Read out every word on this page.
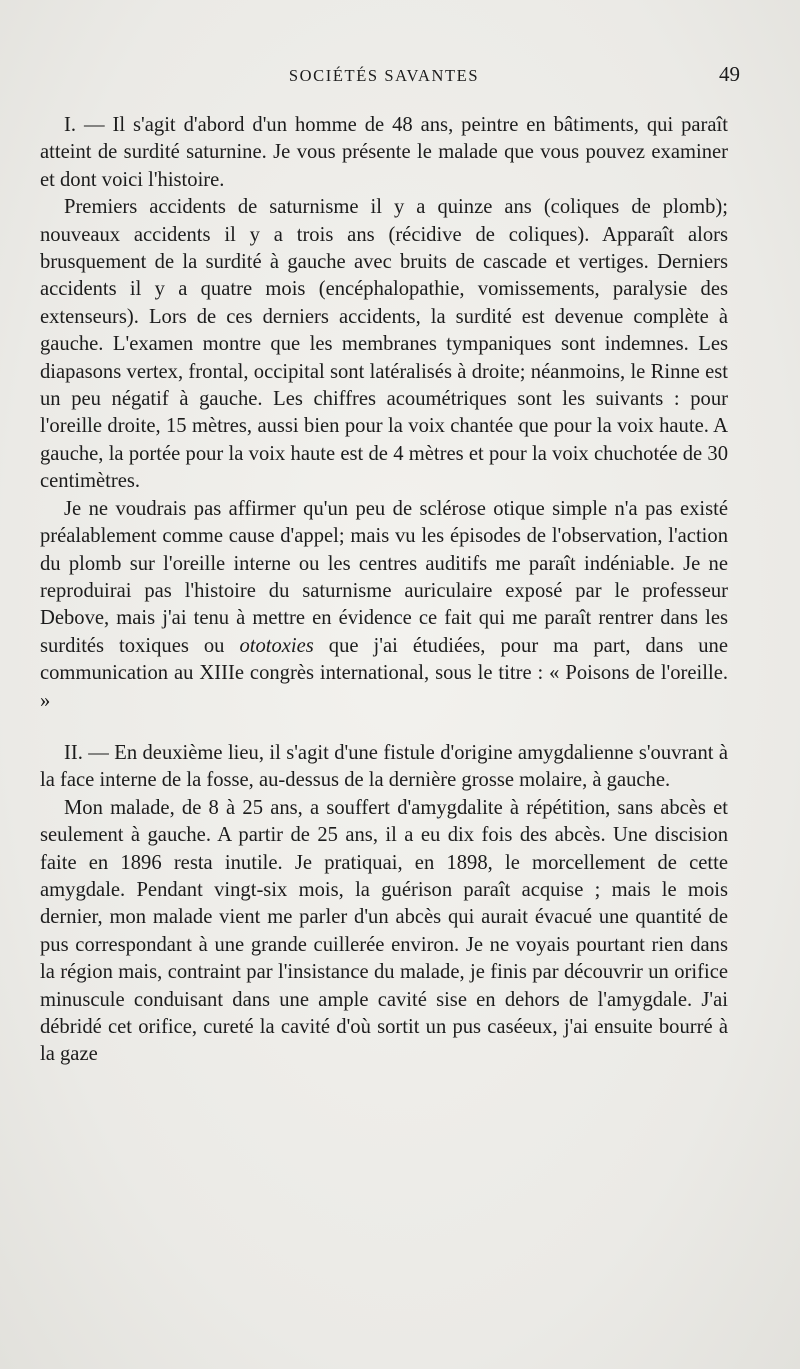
SOCIÉTÉS SAVANTES	49

I. — Il s'agit d'abord d'un homme de 48 ans, peintre en bâtiments, qui paraît atteint de surdité saturnine. Je vous présente le malade que vous pouvez examiner et dont voici l'histoire.

Premiers accidents de saturnisme il y a quinze ans (coliques de plomb); nouveaux accidents il y a trois ans (récidive de coliques). Apparaît alors brusquement de la surdité à gauche avec bruits de cascade et vertiges. Derniers accidents il y a quatre mois (encéphalopathie, vomissements, paralysie des extenseurs). Lors de ces derniers accidents, la surdité est devenue complète à gauche. L'examen montre que les membranes tympaniques sont indemnes. Les diapasons vertex, frontal, occipital sont latéralisés à droite; néanmoins, le Rinne est un peu négatif à gauche. Les chiffres acoumétriques sont les suivants : pour l'oreille droite, 15 mètres, aussi bien pour la voix chantée que pour la voix haute. A gauche, la portée pour la voix haute est de 4 mètres et pour la voix chuchotée de 30 centimètres.

Je ne voudrais pas affirmer qu'un peu de sclérose otique simple n'a pas existé préalablement comme cause d'appel; mais vu les épisodes de l'observation, l'action du plomb sur l'oreille interne ou les centres auditifs me paraît indéniable. Je ne reproduirai pas l'histoire du saturnisme auriculaire exposé par le professeur Debove, mais j'ai tenu à mettre en évidence ce fait qui me paraît rentrer dans les surdités toxiques ou ototoxies que j'ai étudiées, pour ma part, dans une communication au XIIIe congrès international, sous le titre : « Poisons de l'oreille. »

II. — En deuxième lieu, il s'agit d'une fistule d'origine amygdalienne s'ouvrant à la face interne de la fosse, au-dessus de la dernière grosse molaire, à gauche.

Mon malade, de 8 à 25 ans, a souffert d'amygdalite à répétition, sans abcès et seulement à gauche. A partir de 25 ans, il a eu dix fois des abcès. Une discision faite en 1896 resta inutile. Je pratiquai, en 1898, le morcellement de cette amygdale. Pendant vingt-six mois, la guérison paraît acquise ; mais le mois dernier, mon malade vient me parler d'un abcès qui aurait évacué une quantité de pus correspondant à une grande cuillerée environ. Je ne voyais pourtant rien dans la région mais, contraint par l'insistance du malade, je finis par découvrir un orifice minuscule conduisant dans une ample cavité sise en dehors de l'amygdale. J'ai débridé cet orifice, cureté la cavité d'où sortit un pus caséeux, j'ai ensuite bourré à la gaze
